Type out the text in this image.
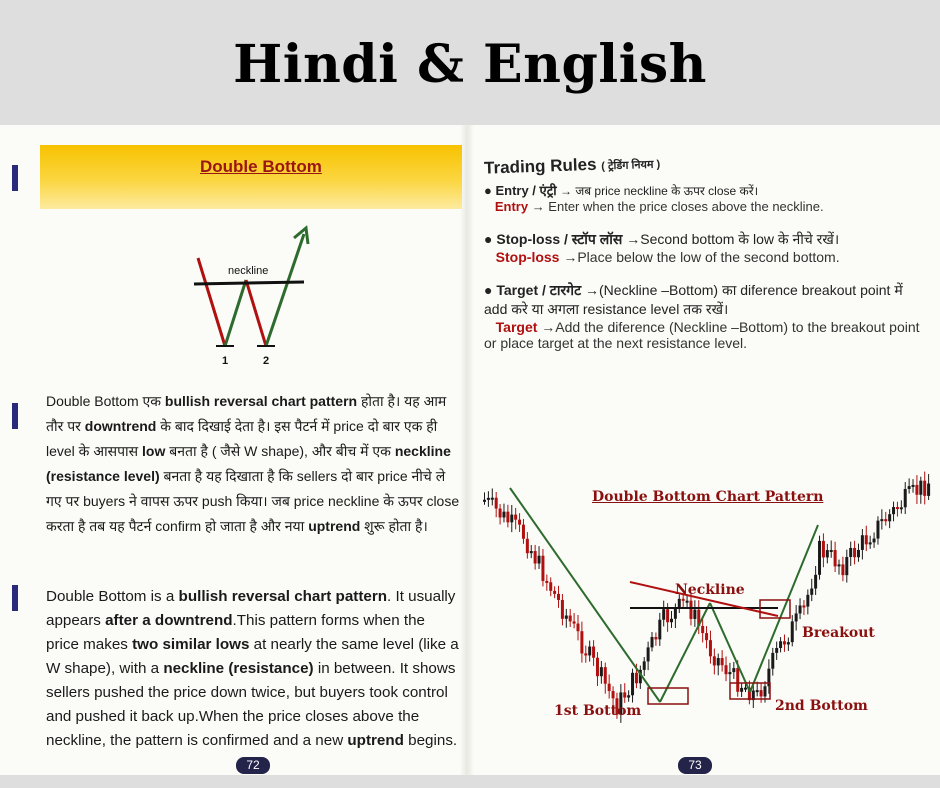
Hindi & English
Double Bottom
neckline
1	2
Double Bottom एक bullish reversal chart pattern होता है। यह आम तौर पर downtrend के बाद दिखाई देता है। इस पैटर्न में price दो बार एक ही level के आसपास low बनता है ( जैसे W shape), और बीच में एक neckline (resistance level) बनता है यह दिखाता है कि sellers दो बार price नीचे ले गए पर buyers ने वापस ऊपर push किया। जब price neckline के ऊपर close करता है तब यह पैटर्न confirm हो जाता है और नया uptrend शुरू होता है।
Double Bottom is a bullish reversal chart pattern. It usually appears after a downtrend.This pattern forms when the price makes two similar lows at nearly the same level (like a W shape), with a neckline (resistance) in between. It shows sellers pushed the price down twice, but buyers took control and pushed it back up.When the price closes above the neckline, the pattern is confirmed and a new uptrend begins.
72
Trading Rules ( ट्रेडिंग नियम )
● Entry / एंट्री → जब price neckline के ऊपर close करें।
Entry → Enter when the price closes above the neckline.
● Stop-loss / स्टॉप लॉस →Second bottom के low के नीचे रखें।
Stop-loss →Place below the low of the second bottom.
● Target / टारगेट →(Neckline –Bottom) का diference breakout point में add करे या अगला resistance level तक रखें।
Target →Add the diference (Neckline –Bottom) to the breakout point or place target at the next resistance level.
Double Bottom Chart Pattern
Neckline
Breakout
1st Bottom	2nd Bottom
73
